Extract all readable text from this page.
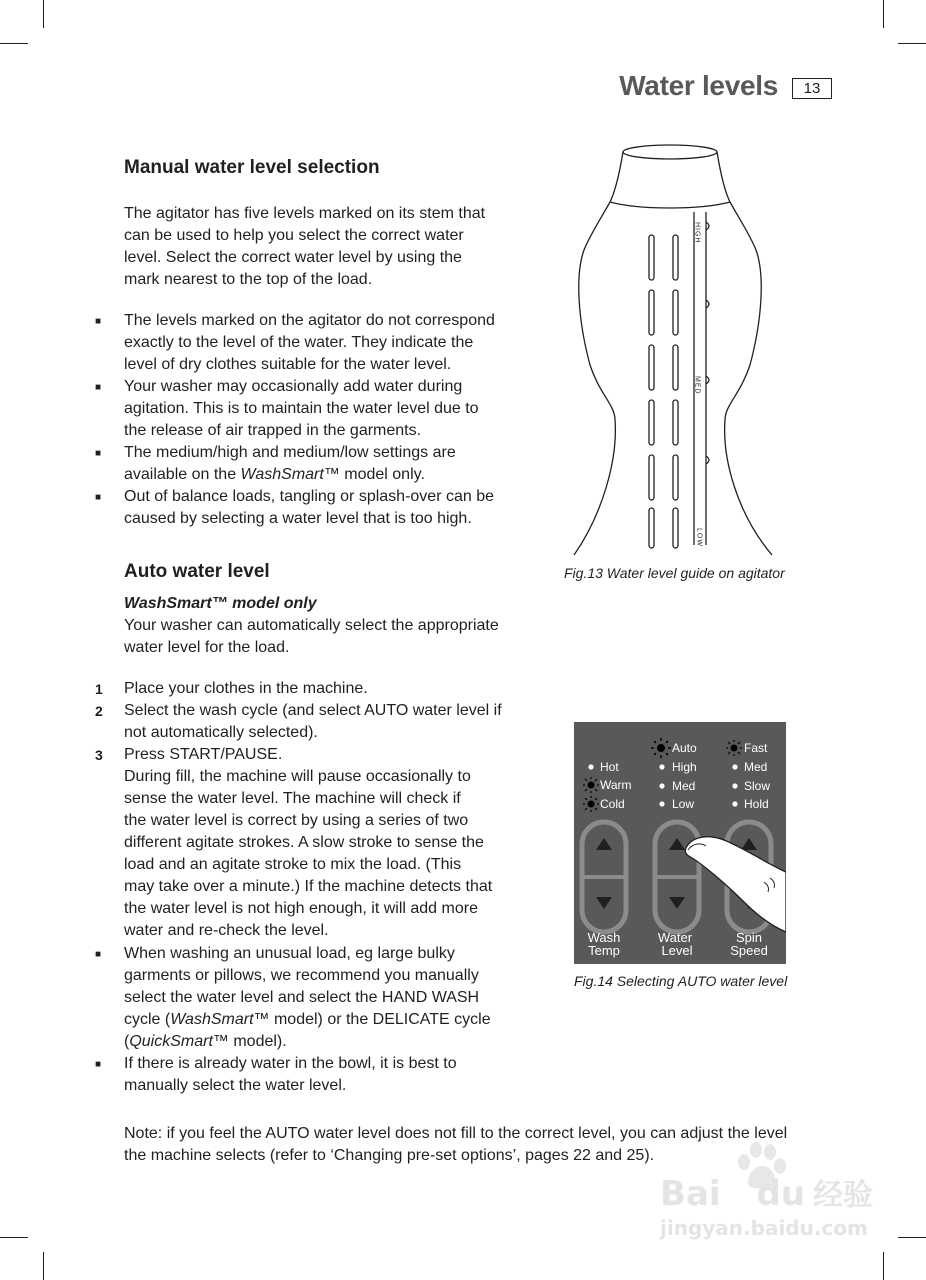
Water levels	13
Manual water level selection
The agitator has five levels marked on its stem that
can be used to help you select the correct water
level. Select the correct water level by using the
mark nearest to the top of the load.
■ The levels marked on the agitator do not correspond
exactly to the level of the water. They indicate the
level of dry clothes suitable for the water level.
■ Your washer may occasionally add water during
agitation. This is to maintain the water level due to
the release of air trapped in the garments.
■ The medium/high and medium/low settings are
available on the WashSmart™ model only.
■ Out of balance loads, tangling or splash-over can be
caused by selecting a water level that is too high.
Auto water level
WashSmart™ model only
Your washer can automatically select the appropriate
water level for the load.
1 Place your clothes in the machine.
2 Select the wash cycle (and select AUTO water level if
not automatically selected).
3 Press START/PAUSE.
During fill, the machine will pause occasionally to
sense the water level. The machine will check if
the water level is correct by using a series of two
different agitate strokes. A slow stroke to sense the
load and an agitate stroke to mix the load. (This
may take over a minute.) If the machine detects that
the water level is not high enough, it will add more
water and re-check the level.
■ When washing an unusual load, eg large bulky
garments or pillows, we recommend you manually
select the water level and select the HAND WASH
cycle (WashSmart™ model) or the DELICATE cycle
(QuickSmart™ model).
■ If there is already water in the bowl, it is best to
manually select the water level.
Note: if you feel the AUTO water level does not fill to the correct level, you can adjust the level
the machine selects (refer to ‘Changing pre-set options’, pages 22 and 25).
HIGH
MED
LOW
Fig.13 Water level guide on agitator
Hot
Warm
Cold
Auto
High
Med
Low
Fast
Med
Slow
Hold
Wash
Temp
Water
Level
Spin
Speed
Fig.14 Selecting AUTO water level
Bai du 经验
jingyan.baidu.com
